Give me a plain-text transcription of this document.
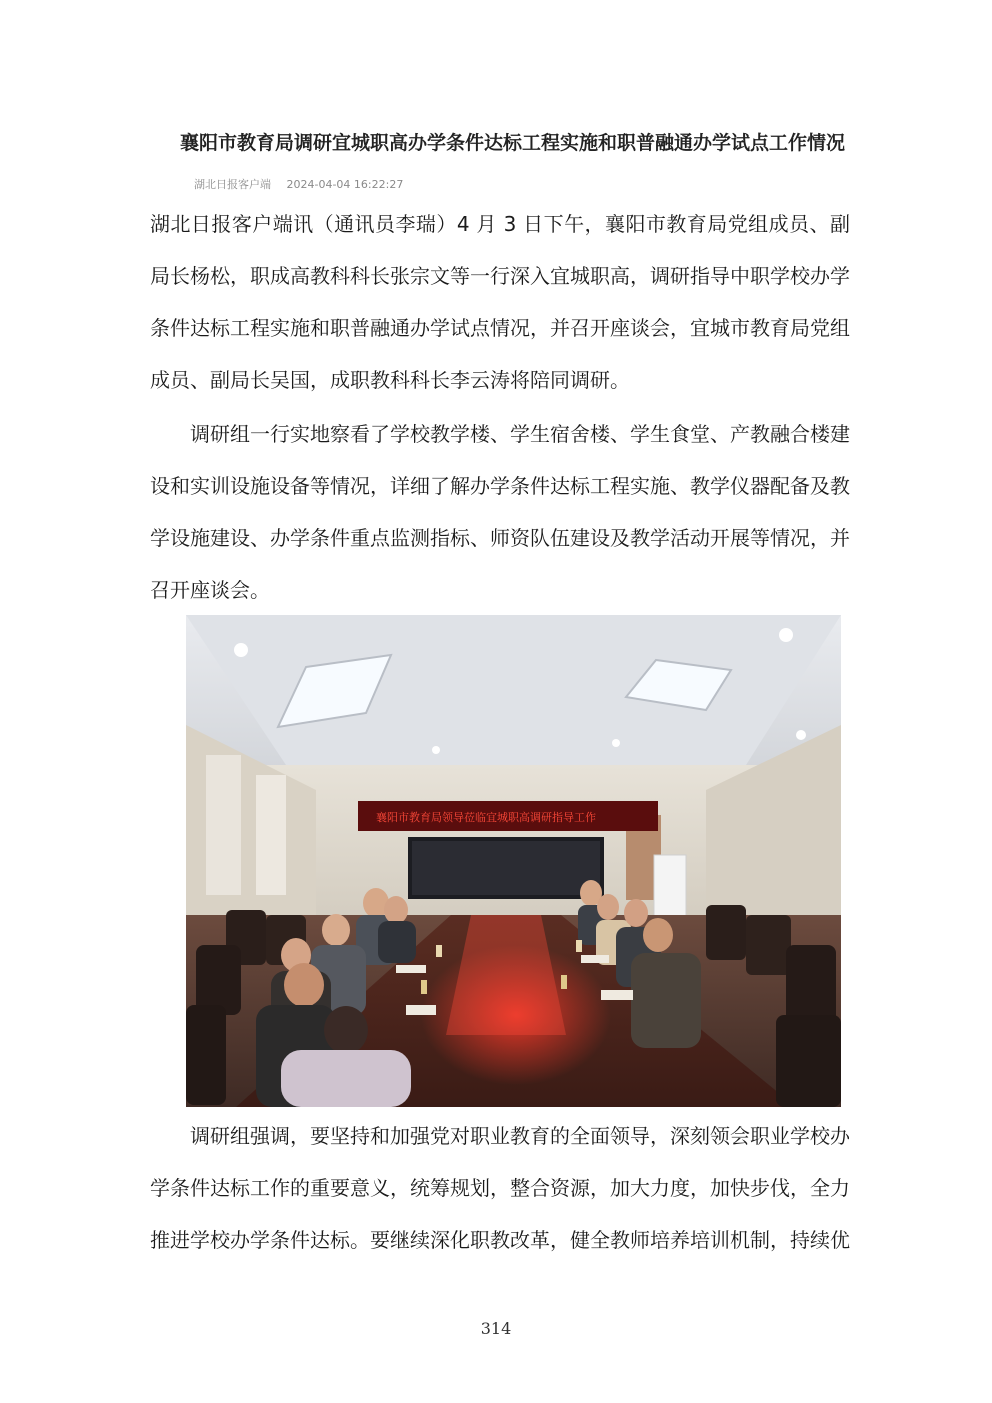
襄阳市教育局调研宜城职高办学条件达标工程实施和职普融通办学试点工作情况
湖北日报客户端 2024-04-04 16:22:27

湖北日报客户端讯（通讯员李瑞）4 月 3 日下午，襄阳市教育局党组成员、副局长杨松，职成高教科科长张宗文等一行深入宜城职高，调研指导中职学校办学条件达标工程实施和职普融通办学试点情况，并召开座谈会，宜城市教育局党组成员、副局长吴国，成职教科科长李云涛将陪同调研。

调研组一行实地察看了学校教学楼、学生宿舍楼、学生食堂、产教融合楼建设和实训设施设备等情况，详细了解办学条件达标工程实施、教学仪器配备及教学设施建设、办学条件重点监测指标、师资队伍建设及教学活动开展等情况，并召开座谈会。

襄阳市教育局领导莅临宜城职高调研指导工作

调研组强调，要坚持和加强党对职业教育的全面领导，深刻领会职业学校办学条件达标工作的重要意义，统筹规划，整合资源，加大力度，加快步伐，全力推进学校办学条件达标。要继续深化职教改革，健全教师培养培训机制，持续优

314
